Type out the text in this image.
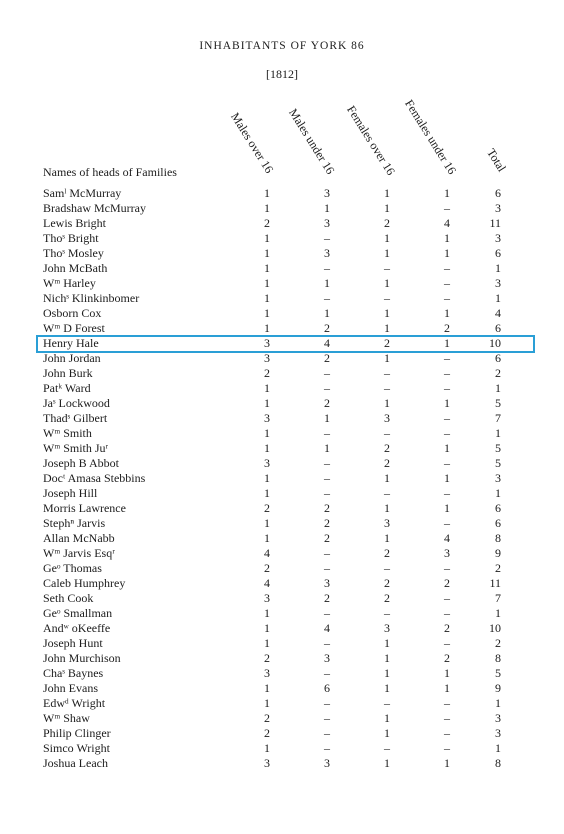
INHABITANTS OF YORK 86
[1812]
Males over 16 Males under 16 Females over 16 Females under 16 Total
Names of heads of Families
Samˡ McMurray	1	3	1	1	6
Bradshaw McMurray	1	1	1	–	3
Lewis Bright	2	3	2	4	11
Thoˢ Bright	1	–	1	1	3
Thoˢ Mosley	1	3	1	1	6
John McBath	1	–	–	–	1
Wᵐ Harley	1	1	1	–	3
Nichˢ Klinkinbomer	1	–	–	–	1
Osborn Cox	1	1	1	1	4
Wᵐ D Forest	1	2	1	2	6
Henry Hale	3	4	2	1	10
John Jordan	3	2	1	–	6
John Burk	2	–	–	–	2
Patᵏ Ward	1	–	–	–	1
Jaˢ Lockwood	1	2	1	1	5
Thadˢ Gilbert	3	1	3	–	7
Wᵐ Smith	1	–	–	–	1
Wᵐ Smith Juʳ	1	1	2	1	5
Joseph B Abbot	3	–	2	–	5
Docᵗ Amasa Stebbins	1	–	1	1	3
Joseph Hill	1	–	–	–	1
Morris Lawrence	2	2	1	1	6
Stephⁿ Jarvis	1	2	3	–	6
Allan McNabb	1	2	1	4	8
Wᵐ Jarvis Esqʳ	4	–	2	3	9
Geᵒ Thomas	2	–	–	–	2
Caleb Humphrey	4	3	2	2	11
Seth Cook	3	2	2	–	7
Geᵒ Smallman	1	–	–	–	1
Andʷ oKeeffe	1	4	3	2	10
Joseph Hunt	1	–	1	–	2
John Murchison	2	3	1	2	8
Chaˢ Baynes	3	–	1	1	5
John Evans	1	6	1	1	9
Edwᵈ Wright	1	–	–	–	1
Wᵐ Shaw	2	–	1	–	3
Philip Clinger	2	–	1	–	3
Simco Wright	1	–	–	–	1
Joshua Leach	3	3	1	1	8
